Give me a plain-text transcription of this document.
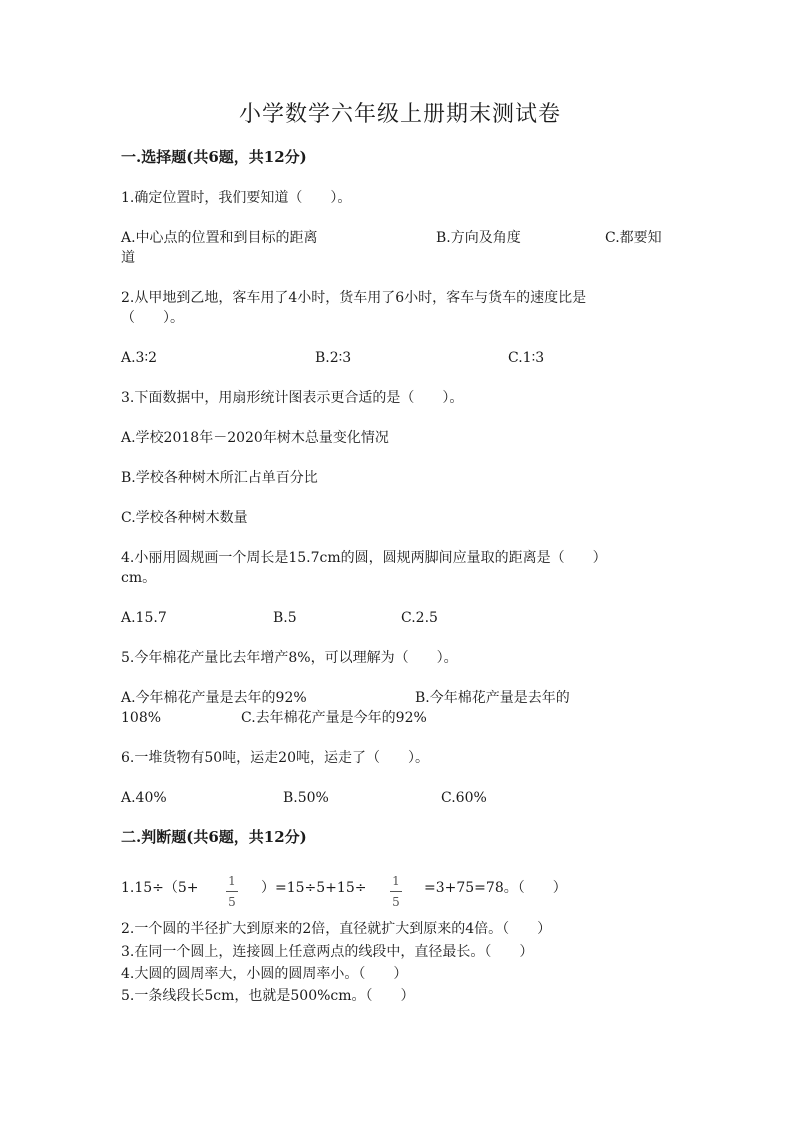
小学数学六年级上册期末测试卷
一.选择题(共6题，共12分)
1.确定位置时，我们要知道（　　）。
A.中心点的位置和到目标的距离	B.方向及角度	C.都要知
道
2.从甲地到乙地，客车用了4小时，货车用了6小时，客车与货车的速度比是
（　　）。
A.3∶2	B.2∶3	C.1∶3
3.下面数据中，用扇形统计图表示更合适的是（　　）。
A.学校2018年－2020年树木总量变化情况
B.学校各种树木所汇占单百分比
C.学校各种树木数量
4.小丽用圆规画一个周长是15.7cm的圆，圆规两脚间应量取的距离是（　　）
cm。
A.15.7	B.5	C.2.5
5.今年棉花产量比去年增产8%，可以理解为（　　）。
A.今年棉花产量是去年的92%	B.今年棉花产量是去年的
108%	C.去年棉花产量是今年的92%
6.一堆货物有50吨，运走20吨，运走了（　　）。
A.40%	B.50%	C.60%
二.判断题(共6题，共12分)
1.15÷（5+ 1
5
）=15÷5+15÷ 1
5
=3+75=78。（　　）
2.一个圆的半径扩大到原来的2倍，直径就扩大到原来的4倍。（　　）
3.在同一个圆上，连接圆上任意两点的线段中，直径最长。（　　）
4.大圆的圆周率大，小圆的圆周率小。（　　）
5.一条线段长5cm，也就是500%cm。（　　）
